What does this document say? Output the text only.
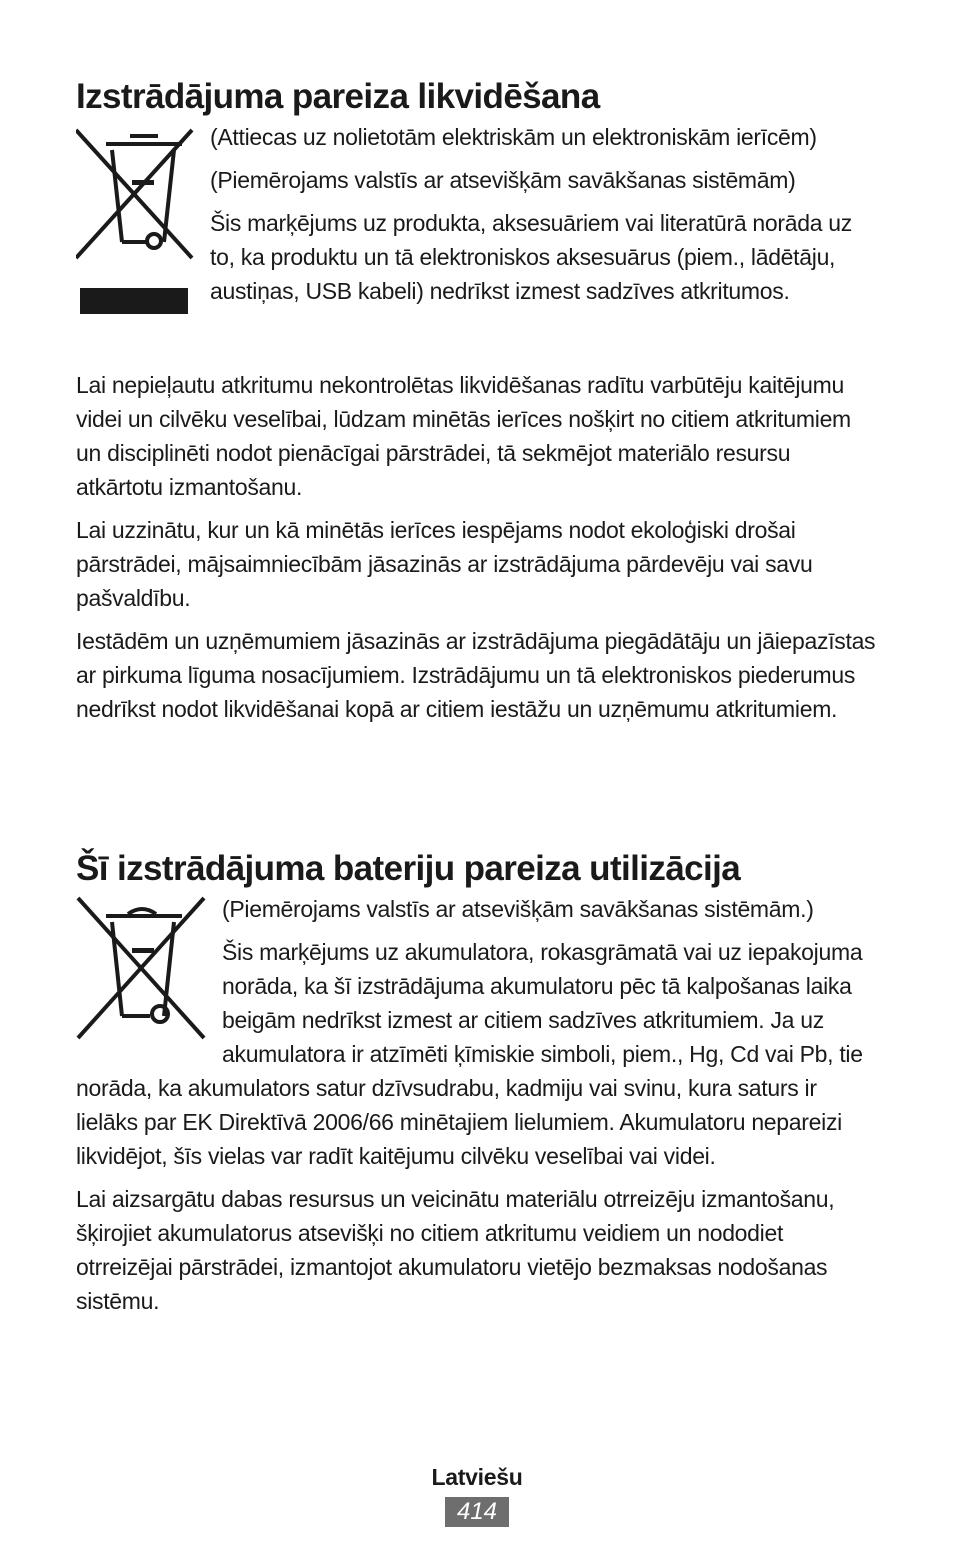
Izstrādājuma pareiza likvidēšana

(Attiecas uz nolietotām elektriskām un elektroniskām ierīcēm)

(Piemērojams valstīs ar atsevišķām savākšanas sistēmām)

Šis marķējums uz produkta, aksesuāriem vai literatūrā norāda uz to, ka produktu un tā elektroniskos aksesuārus (piem., lādētāju, austiņas, USB kabeli) nedrīkst izmest sadzīves atkritumos.

Lai nepieļautu atkritumu nekontrolētas likvidēšanas radītu varbūtēju kaitējumu videi un cilvēku veselībai, lūdzam minētās ierīces nošķirt no citiem atkritumiem un disciplinēti nodot pienācīgai pārstrādei, tā sekmējot materiālo resursu atkārtotu izmantošanu.

Lai uzzinātu, kur un kā minētās ierīces iespējams nodot ekoloģiski drošai pārstrādei, mājsaimniecībām jāsazinās ar izstrādājuma pārdevēju vai savu pašvaldību.

Iestādēm un uzņēmumiem jāsazinās ar izstrādājuma piegādātāju un jāiepazīstas ar pirkuma līguma nosacījumiem. Izstrādājumu un tā elektroniskos piederumus nedrīkst nodot likvidēšanai kopā ar citiem iestāžu un uzņēmumu atkritumiem.

Šī izstrādājuma bateriju pareiza utilizācija

(Piemērojams valstīs ar atsevišķām savākšanas sistēmām.)

Šis marķējums uz akumulatora, rokasgrāmatā vai uz iepakojuma norāda, ka šī izstrādājuma akumulatoru pēc tā kalpošanas laika beigām nedrīkst izmest ar citiem sadzīves atkritumiem. Ja uz akumulatora ir atzīmēti ķīmiskie simboli, piem., Hg, Cd vai Pb, tie norāda, ka akumulators satur dzīvsudrabu, kadmiju vai svinu, kura saturs ir lielāks par EK Direktīvā 2006/66 minētajiem lielumiem. Akumulatoru nepareizi likvidējot, šīs vielas var radīt kaitējumu cilvēku veselībai vai videi.

Lai aizsargātu dabas resursus un veicinātu materiālu otrreizēju izmantošanu, šķirojiet akumulatorus atsevišķi no citiem atkritumu veidiem un nododiet otrreizējai pārstrādei, izmantojot akumulatoru vietējo bezmaksas nodošanas sistēmu.

Latviešu
414
